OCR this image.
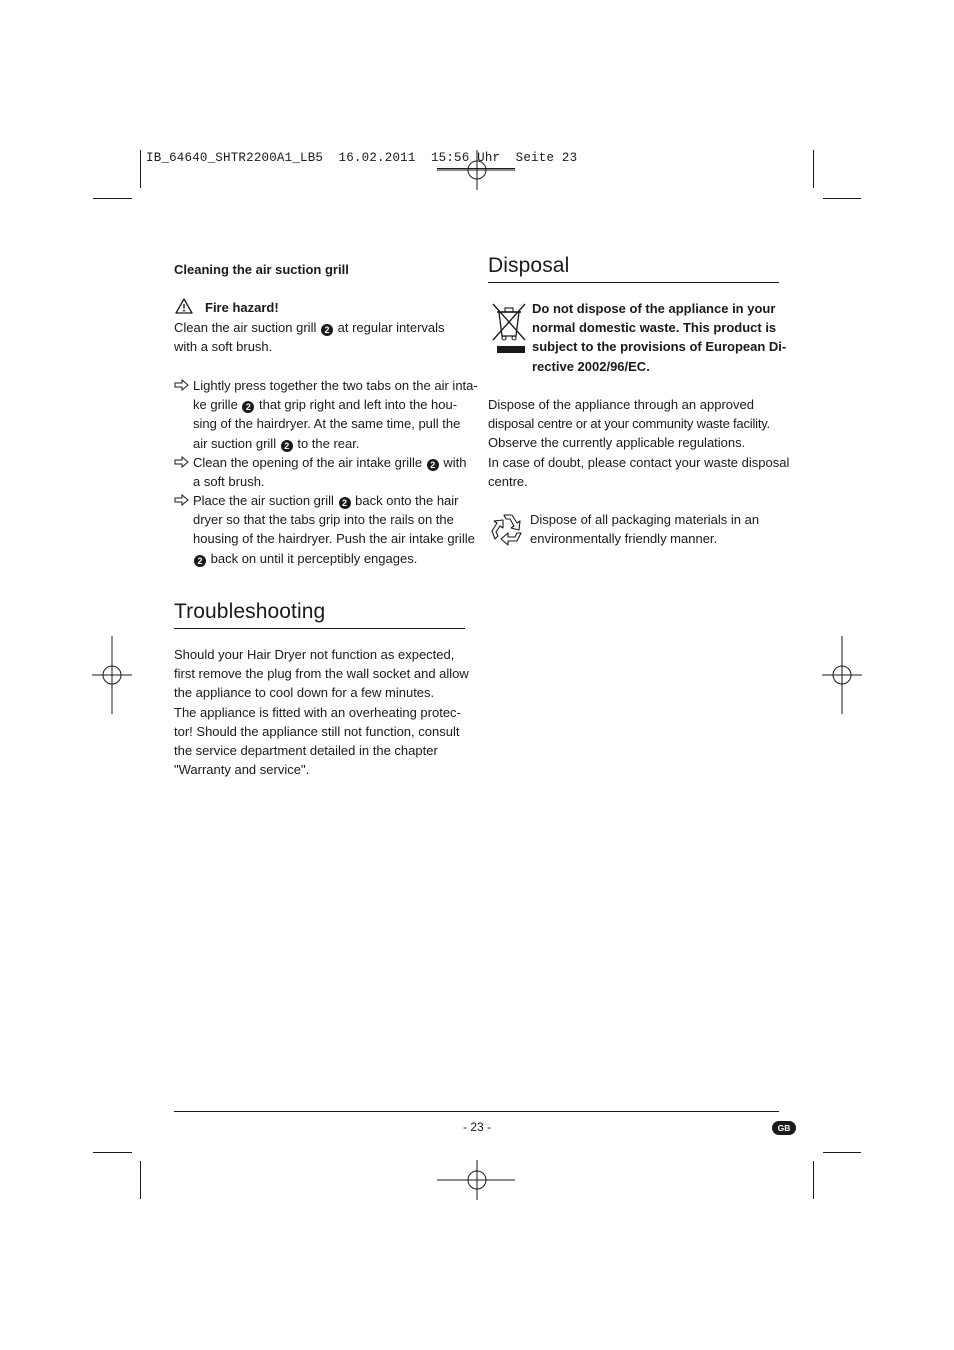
IB_64640_SHTR2200A1_LB5  16.02.2011  15:56 Uhr  Seite 23
Cleaning the air suction grill
Fire hazard!
Clean the air suction grill 2 at regular intervals
with a soft brush.
Lightly press together the two tabs on the air inta-
ke grille 2 that grip right and left into the hou-
sing of the hairdryer. At the same time, pull the
air suction grill 2 to the rear.
Clean the opening of the air intake grille 2 with
a soft brush.
Place the air suction grill 2 back onto the hair
dryer so that the tabs grip into the rails on the
housing of the hairdryer. Push the air intake grille
2 back on until it perceptibly engages.
Troubleshooting
Should your Hair Dryer not function as expected,
first remove the plug from the wall socket and allow
the appliance to cool down for a few minutes.
The appliance is fitted with an overheating protec-
tor! Should the appliance still not function, consult
the service department detailed in the chapter
"Warranty and service".
Disposal
Do not dispose of the appliance in your
normal domestic waste. This product is
subject to the provisions of European Di-
rective 2002/96/EC.
Dispose of the appliance through an approved
disposal centre or at your community waste facility.
Observe the currently applicable regulations.
In case of doubt, please contact your waste disposal
centre.
Dispose of all packaging materials in an
environmentally friendly manner.
- 23 -	GB
